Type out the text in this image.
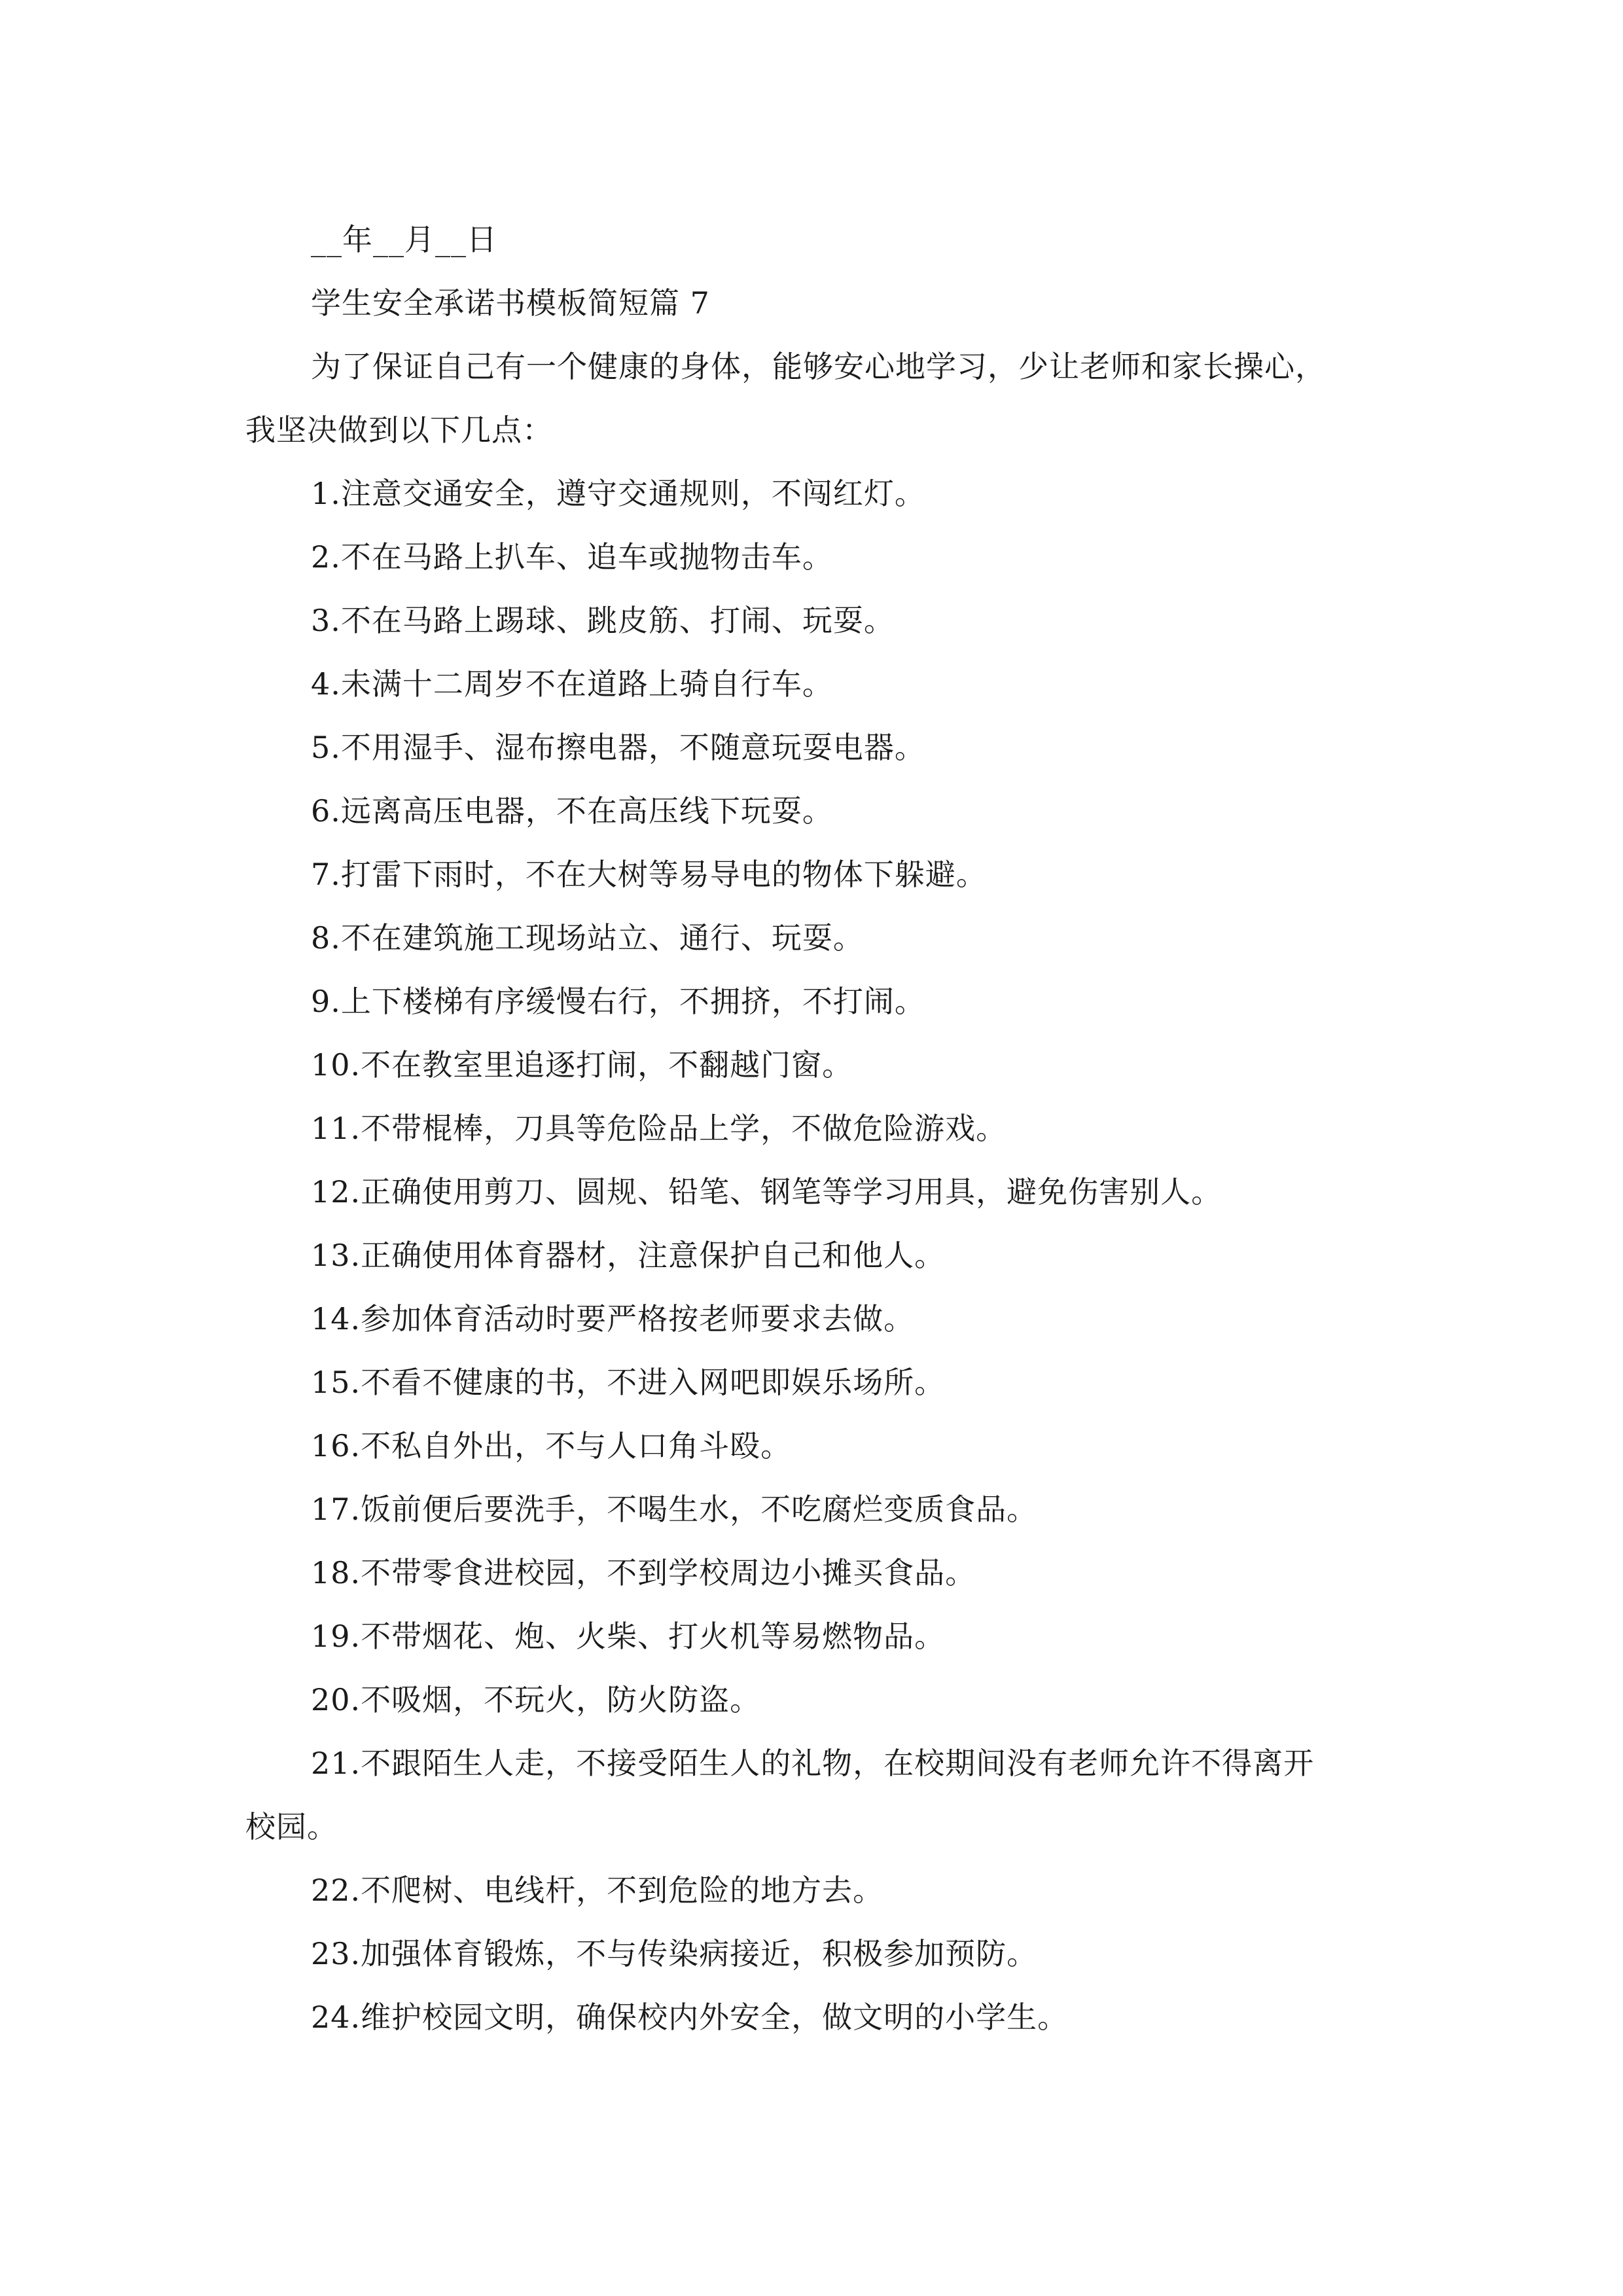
__年__月__日
学生安全承诺书模板简短篇 7
为了保证自己有一个健康的身体，能够安心地学习，少让老师和家长操心，
我坚决做到以下几点：
1.注意交通安全，遵守交通规则，不闯红灯。
2.不在马路上扒车、追车或抛物击车。
3.不在马路上踢球、跳皮筋、打闹、玩耍。
4.未满十二周岁不在道路上骑自行车。
5.不用湿手、湿布擦电器，不随意玩耍电器。
6.远离高压电器，不在高压线下玩耍。
7.打雷下雨时，不在大树等易导电的物体下躲避。
8.不在建筑施工现场站立、通行、玩耍。
9.上下楼梯有序缓慢右行，不拥挤，不打闹。
10.不在教室里追逐打闹，不翻越门窗。
11.不带棍棒，刀具等危险品上学，不做危险游戏。
12.正确使用剪刀、圆规、铅笔、钢笔等学习用具，避免伤害别人。
13.正确使用体育器材，注意保护自己和他人。
14.参加体育活动时要严格按老师要求去做。
15.不看不健康的书，不进入网吧即娱乐场所。
16.不私自外出，不与人口角斗殴。
17.饭前便后要洗手，不喝生水，不吃腐烂变质食品。
18.不带零食进校园，不到学校周边小摊买食品。
19.不带烟花、炮、火柴、打火机等易燃物品。
20.不吸烟，不玩火，防火防盗。
21.不跟陌生人走，不接受陌生人的礼物，在校期间没有老师允许不得离开
校园。
22.不爬树、电线杆，不到危险的地方去。
23.加强体育锻炼，不与传染病接近，积极参加预防。
24.维护校园文明，确保校内外安全，做文明的小学生。
